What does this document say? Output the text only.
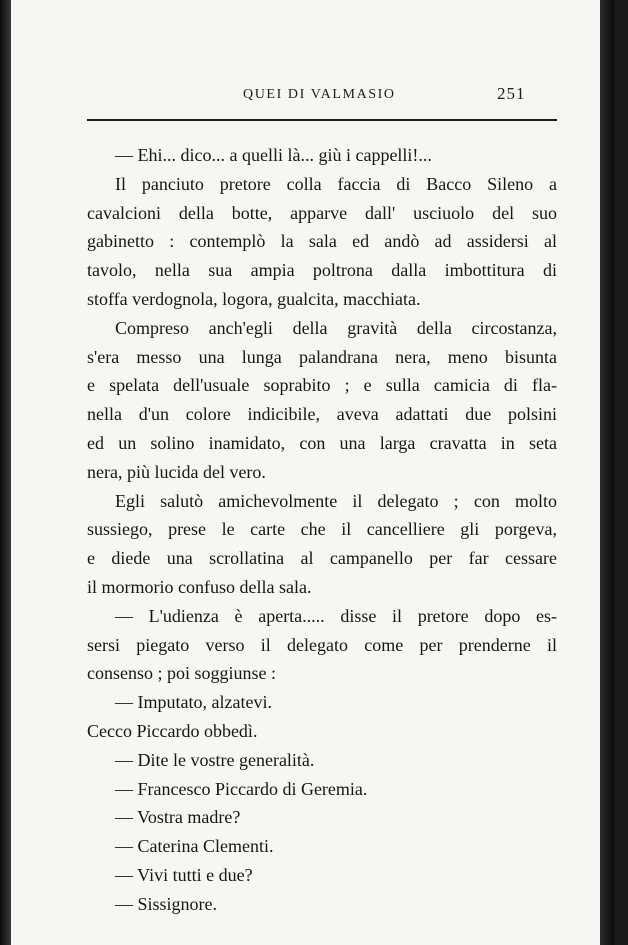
QUEI DI VALMASIO	251
— Ehi... dico... a quelli là... giù i cappelli!...
Il panciuto pretore colla faccia di Bacco Sileno a
cavalcioni della botte, apparve dall' usciuolo del suo
gabinetto : contemplò la sala ed andò ad assidersi al
tavolo, nella sua ampia poltrona dalla imbottitura di
stoffa verdognola, logora, gualcita, macchiata.
Compreso anch'egli della gravità della circostanza,
s'era messo una lunga palandrana nera, meno bisunta
e spelata dell'usuale soprabito ; e sulla camicia di fla-
nella d'un colore indicibile, aveva adattati due polsini
ed un solino inamidato, con una larga cravatta in seta
nera, più lucida del vero.
Egli salutò amichevolmente il delegato ; con molto
sussiego, prese le carte che il cancelliere gli porgeva,
e diede una scrollatina al campanello per far cessare
il mormorio confuso della sala.
— L'udienza è aperta..... disse il pretore dopo es-
sersi piegato verso il delegato come per prenderne il
consenso ; poi soggiunse :
— Imputato, alzatevi.
Cecco Piccardo obbedì.
— Dite le vostre generalità.
— Francesco Piccardo di Geremia.
— Vostra madre?
— Caterina Clementi.
— Vivi tutti e due?
— Sissignore.
